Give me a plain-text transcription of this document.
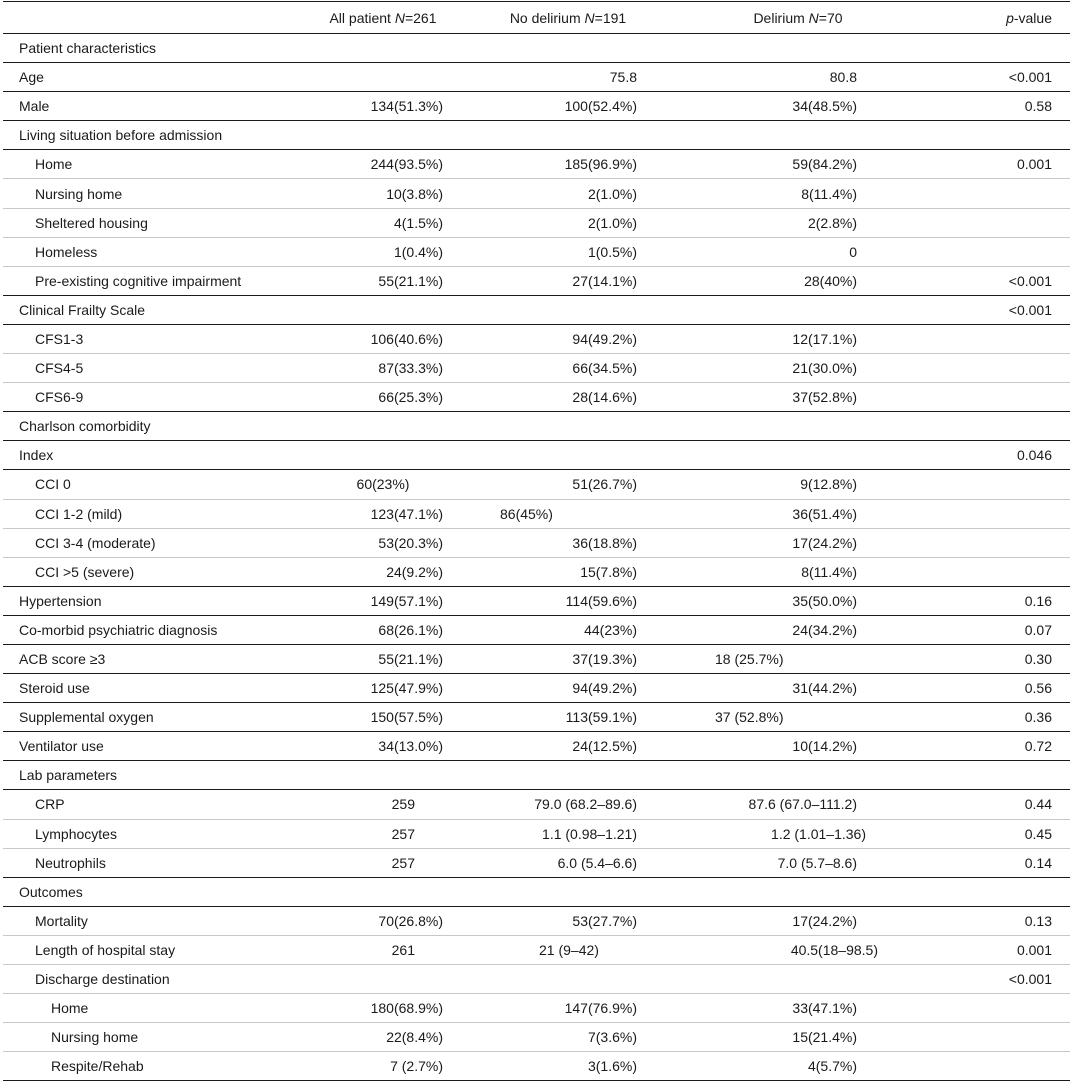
	All patient N=261	No delirium N=191	Delirium N=70	p-value
Patient characteristics				
Age		75.8	80.8	<0.001
Male	134(51.3%)	100(52.4%)	34(48.5%)	0.58
Living situation before admission				
Home	244(93.5%)	185(96.9%)	59(84.2%)	0.001
Nursing home	10(3.8%)	2(1.0%)	8(11.4%)	
Sheltered housing	4(1.5%)	2(1.0%)	2(2.8%)	
Homeless	1(0.4%)	1(0.5%)	0	
Pre-existing cognitive impairment	55(21.1%)	27(14.1%)	28(40%)	<0.001
Clinical Frailty Scale				<0.001
CFS1-3	106(40.6%)	94(49.2%)	12(17.1%)	
CFS4-5	87(33.3%)	66(34.5%)	21(30.0%)	
CFS6-9	66(25.3%)	28(14.6%)	37(52.8%)	
Charlson comorbidity				
Index				0.046
CCI 0	60(23%)	51(26.7%)	9(12.8%)	
CCI 1-2 (mild)	123(47.1%)	86(45%)	36(51.4%)	
CCI 3-4 (moderate)	53(20.3%)	36(18.8%)	17(24.2%)	
CCI >5 (severe)	24(9.2%)	15(7.8%)	8(11.4%)	
Hypertension	149(57.1%)	114(59.6%)	35(50.0%)	0.16
Co-morbid psychiatric diagnosis	68(26.1%)	44(23%)	24(34.2%)	0.07
ACB score ≥3	55(21.1%)	37(19.3%)	18 (25.7%)	0.30
Steroid use	125(47.9%)	94(49.2%)	31(44.2%)	0.56
Supplemental oxygen	150(57.5%)	113(59.1%)	37 (52.8%)	0.36
Ventilator use	34(13.0%)	24(12.5%)	10(14.2%)	0.72
Lab parameters				
CRP	259	79.0 (68.2–89.6)	87.6 (67.0–111.2)	0.44
Lymphocytes	257	1.1 (0.98–1.21)	1.2 (1.01–1.36)	0.45
Neutrophils	257	6.0 (5.4–6.6)	7.0 (5.7–8.6)	0.14
Outcomes				
Mortality	70(26.8%)	53(27.7%)	17(24.2%)	0.13
Length of hospital stay	261	21 (9–42)	40.5(18–98.5)	0.001
Discharge destination				<0.001
Home	180(68.9%)	147(76.9%)	33(47.1%)	
Nursing home	22(8.4%)	7(3.6%)	15(21.4%)	
Respite/Rehab	7 (2.7%)	3(1.6%)	4(5.7%)	
